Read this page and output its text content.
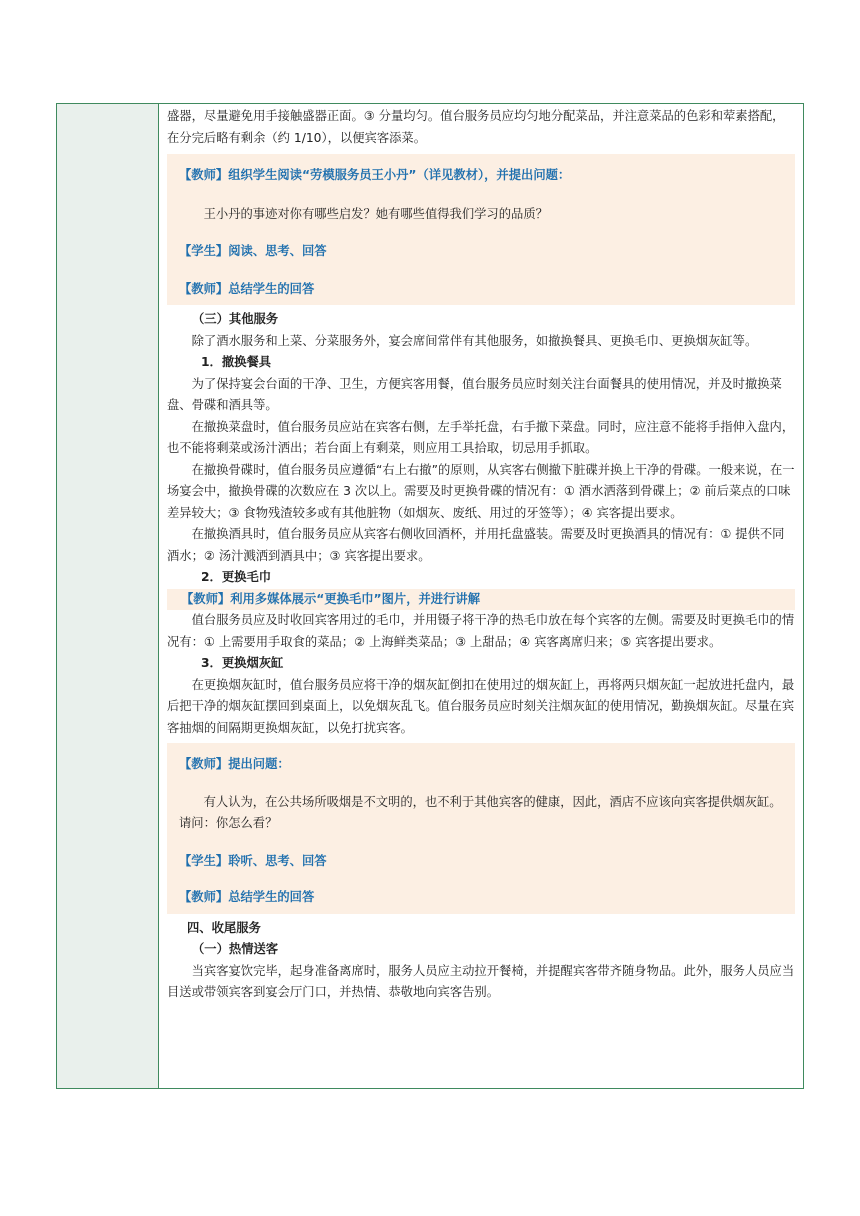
盛器，尽量避免用手接触盛器正面。③ 分量均匀。值台服务员应均匀地分配菜品，并注意菜品的色彩和荤素搭配，在分完后略有剩余（约 1/10），以便宾客添菜。

【教师】组织学生阅读“劳模服务员王小丹”（详见教材），并提出问题：

王小丹的事迹对你有哪些启发？她有哪些值得我们学习的品质？

【学生】阅读、思考、回答

【教师】总结学生的回答

（三）其他服务

除了酒水服务和上菜、分菜服务外，宴会席间常伴有其他服务，如撤换餐具、更换毛巾、更换烟灰缸等。

1．撤换餐具

为了保持宴会台面的干净、卫生，方便宾客用餐，值台服务员应时刻关注台面餐具的使用情况，并及时撤换菜盘、骨碟和酒具等。

在撤换菜盘时，值台服务员应站在宾客右侧，左手举托盘，右手撤下菜盘。同时，应注意不能将手指伸入盘内，也不能将剩菜或汤汁洒出；若台面上有剩菜，则应用工具拾取，切忌用手抓取。

在撤换骨碟时，值台服务员应遵循“右上右撤”的原则，从宾客右侧撤下脏碟并换上干净的骨碟。一般来说，在一场宴会中，撤换骨碟的次数应在 3 次以上。需要及时更换骨碟的情况有：① 酒水洒落到骨碟上；② 前后菜点的口味差异较大；③ 食物残渣较多或有其他脏物（如烟灰、废纸、用过的牙签等）；④ 宾客提出要求。

在撤换酒具时，值台服务员应从宾客右侧收回酒杯，并用托盘盛装。需要及时更换酒具的情况有：① 提供不同酒水；② 汤汁溅洒到酒具中；③ 宾客提出要求。

2．更换毛巾

【教师】利用多媒体展示“更换毛巾”图片，并进行讲解

值台服务员应及时收回宾客用过的毛巾，并用镊子将干净的热毛巾放在每个宾客的左侧。需要及时更换毛巾的情况有：① 上需要用手取食的菜品；② 上海鲜类菜品；③ 上甜品；④ 宾客离席归来；⑤ 宾客提出要求。

3．更换烟灰缸

在更换烟灰缸时，值台服务员应将干净的烟灰缸倒扣在使用过的烟灰缸上，再将两只烟灰缸一起放进托盘内，最后把干净的烟灰缸摆回到桌面上，以免烟灰乱飞。值台服务员应时刻关注烟灰缸的使用情况，勤换烟灰缸。尽量在宾客抽烟的间隔期更换烟灰缸，以免打扰宾客。

【教师】提出问题：

有人认为，在公共场所吸烟是不文明的，也不利于其他宾客的健康，因此，酒店不应该向宾客提供烟灰缸。请问：你怎么看？

【学生】聆听、思考、回答

【教师】总结学生的回答

四、收尾服务

（一）热情送客

当宾客宴饮完毕，起身准备离席时，服务人员应主动拉开餐椅，并提醒宾客带齐随身物品。此外，服务人员应当目送或带领宾客到宴会厅门口，并热情、恭敬地向宾客告别。
